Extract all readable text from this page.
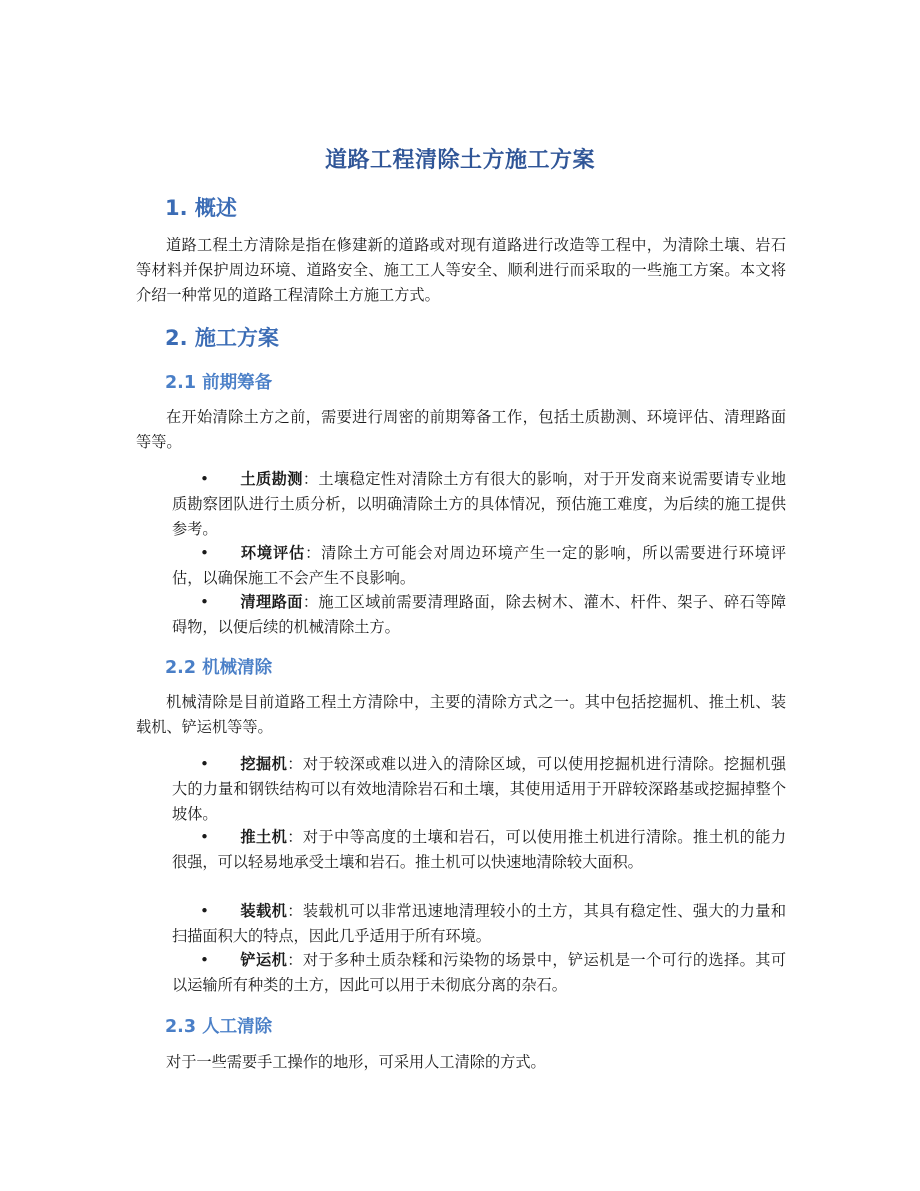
道路工程清除土方施工方案
1. 概述
道路工程土方清除是指在修建新的道路或对现有道路进行改造等工程中，为清除土壤、岩石等材料并保护周边环境、道路安全、施工工人等安全、顺利进行而采取的一些施工方案。本文将介绍一种常见的道路工程清除土方施工方式。
2. 施工方案
2.1 前期筹备
在开始清除土方之前，需要进行周密的前期筹备工作，包括土质勘测、环境评估、清理路面等等。
• 土质勘测：土壤稳定性对清除土方有很大的影响，对于开发商来说需要请专业地质勘察团队进行土质分析，以明确清除土方的具体情况，预估施工难度，为后续的施工提供参考。
• 环境评估：清除土方可能会对周边环境产生一定的影响，所以需要进行环境评估，以确保施工不会产生不良影响。
• 清理路面：施工区域前需要清理路面，除去树木、灌木、杆件、架子、碎石等障碍物，以便后续的机械清除土方。
2.2 机械清除
机械清除是目前道路工程土方清除中，主要的清除方式之一。其中包括挖掘机、推土机、装载机、铲运机等等。
• 挖掘机：对于较深或难以进入的清除区域，可以使用挖掘机进行清除。挖掘机强大的力量和钢铁结构可以有效地清除岩石和土壤，其使用适用于开辟较深路基或挖掘掉整个坡体。
• 推土机：对于中等高度的土壤和岩石，可以使用推土机进行清除。推土机的能力很强，可以轻易地承受土壤和岩石。推土机可以快速地清除较大面积。
• 装载机：装载机可以非常迅速地清理较小的土方，其具有稳定性、强大的力量和扫描面积大的特点，因此几乎适用于所有环境。
• 铲运机：对于多种土质杂糅和污染物的场景中，铲运机是一个可行的选择。其可以运输所有种类的土方，因此可以用于未彻底分离的杂石。
2.3 人工清除
对于一些需要手工操作的地形，可采用人工清除的方式。
